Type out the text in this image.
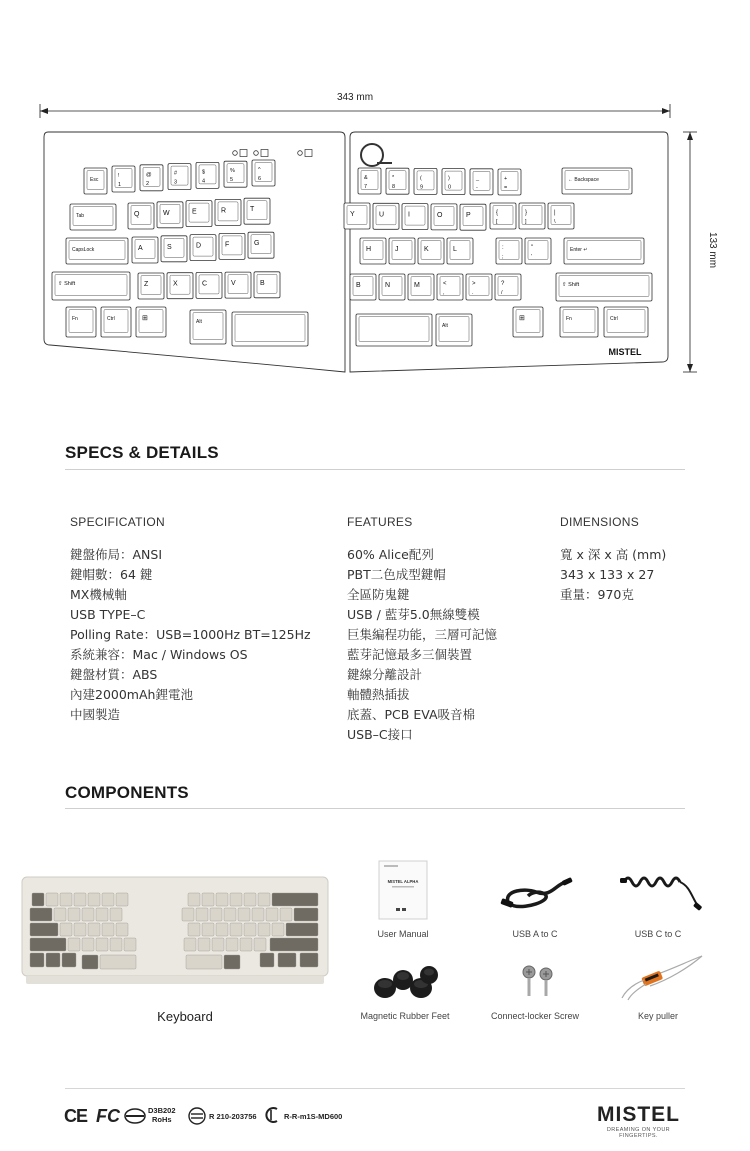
343 mm
133 mm
Esc
!
1
@
2
#
3
$
4
%
5
^
6
Tab	Q	W	E	R	T
CapsLock	A	S	D	F	G
⇧ Shift	Z	X	C	V	B
Fn	Ctrl	⊞	Alt
&
7
*
8
(
9
)
0
_
-
+
=
← Backspace
Y	U	I	O	P	{
[
}
]
|
\
H	J	K	L	:
;
"
'
Enter ↵
B	N	M	<
,
>
.
?
/
⇧ Shift
Alt
⊞	Fn	Ctrl
MISTEL
SPECS & DETAILS
SPECIFICATION
鍵盤佈局：ANSI
鍵帽數：64 鍵
MX機械軸
USB TYPE–C
Polling Rate：USB=1000Hz BT=125Hz
系統兼容：Mac / Windows OS
鍵盤材質：ABS
內建2000mAh鋰電池
中國製造
FEATURES
60% Alice配列
PBT二色成型鍵帽
全區防鬼鍵
USB / 藍芽5.0無線雙模
巨集編程功能，三層可記憶
藍芽記憶最多三個裝置
鍵線分離設計
軸體熱插拔
底蓋、PCB EVA吸音棉
USB–C接口
DIMENSIONS
寬 x 深 x 高 (mm)
343 x 133 x 27
重量：970克
COMPONENTS
Keyboard
MISTEL ALPHA
User Manual	USB A to C	USB C to C
Magnetic Rubber Feet	Connect-locker Screw	Key puller
CE FC	D3B202
RoHs	R 210-203756	R-R-m1S-MD600	MISTEL
DREAMING ON YOUR FINGERTIPS.
